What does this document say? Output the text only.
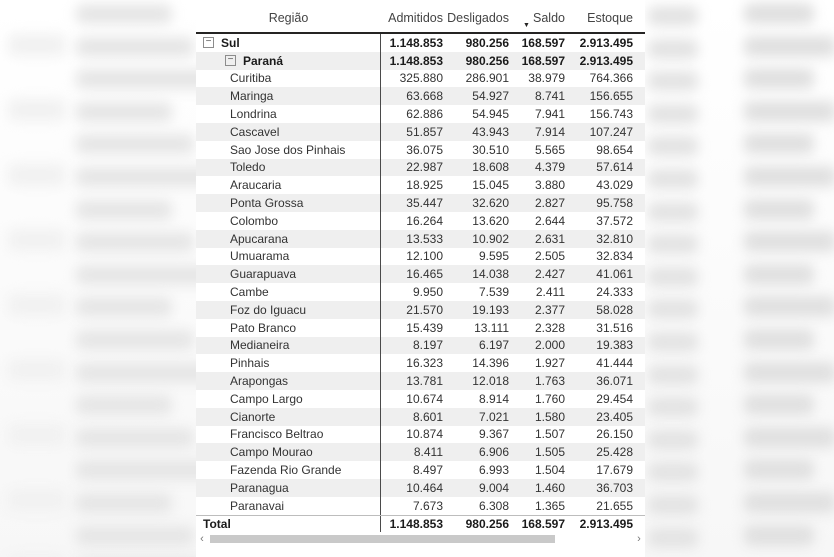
Região	Admitidos Desligados Saldo Estoque
▼
− Sul	1.148.853	980.256	168.597	2.913.495
− Paraná	1.148.853	980.256	168.597	2.913.495
Curitiba	325.880	286.901	38.979	764.366
Maringa	63.668	54.927	8.741	156.655
Londrina	62.886	54.945	7.941	156.743
Cascavel	51.857	43.943	7.914	107.247
Sao Jose dos Pinhais	36.075	30.510	5.565	98.654
Toledo	22.987	18.608	4.379	57.614
Araucaria	18.925	15.045	3.880	43.029
Ponta Grossa	35.447	32.620	2.827	95.758
Colombo	16.264	13.620	2.644	37.572
Apucarana	13.533	10.902	2.631	32.810
Umuarama	12.100	9.595	2.505	32.834
Guarapuava	16.465	14.038	2.427	41.061
Cambe	9.950	7.539	2.411	24.333
Foz do Iguacu	21.570	19.193	2.377	58.028
Pato Branco	15.439	13.111	2.328	31.516
Medianeira	8.197	6.197	2.000	19.383
Pinhais	16.323	14.396	1.927	41.444
Arapongas	13.781	12.018	1.763	36.071
Campo Largo	10.674	8.914	1.760	29.454
Cianorte	8.601	7.021	1.580	23.405
Francisco Beltrao	10.874	9.367	1.507	26.150
Campo Mourao	8.411	6.906	1.505	25.428
Fazenda Rio Grande	8.497	6.993	1.504	17.679
Paranagua	10.464	9.004	1.460	36.703
Paranavai	7.673	6.308	1.365	21.655
Total	1.148.853	980.256	168.597	2.913.495
‹	›
